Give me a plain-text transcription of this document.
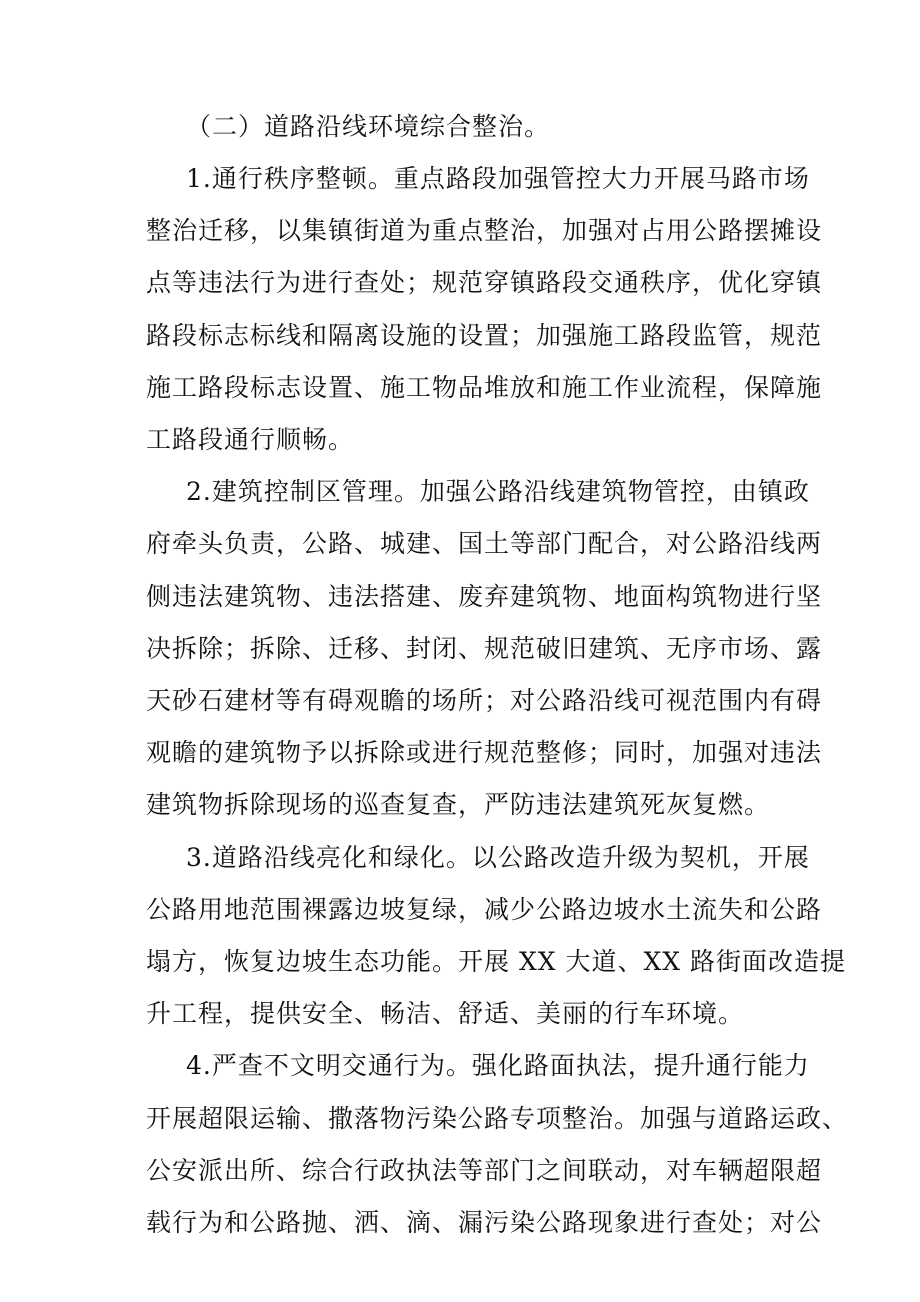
（二）道路沿线环境综合整治。

1.通行秩序整顿。重点路段加强管控大力开展马路市场
整治迁移，以集镇街道为重点整治，加强对占用公路摆摊设
点等违法行为进行查处；规范穿镇路段交通秩序，优化穿镇
路段标志标线和隔离设施的设置；加强施工路段监管，规范
施工路段标志设置、施工物品堆放和施工作业流程，保障施
工路段通行顺畅。

2.建筑控制区管理。加强公路沿线建筑物管控，由镇政
府牵头负责，公路、城建、国土等部门配合，对公路沿线两
侧违法建筑物、违法搭建、废弃建筑物、地面构筑物进行坚
决拆除；拆除、迁移、封闭、规范破旧建筑、无序市场、露
天砂石建材等有碍观瞻的场所；对公路沿线可视范围内有碍
观瞻的建筑物予以拆除或进行规范整修；同时，加强对违法
建筑物拆除现场的巡查复查，严防违法建筑死灰复燃。

3.道路沿线亮化和绿化。以公路改造升级为契机，开展
公路用地范围裸露边坡复绿，减少公路边坡水土流失和公路
塌方，恢复边坡生态功能。开展 XX 大道、XX 路街面改造提
升工程，提供安全、畅洁、舒适、美丽的行车环境。

4.严查不文明交通行为。强化路面执法，提升通行能力
开展超限运输、撒落物污染公路专项整治。加强与道路运政、
公安派出所、综合行政执法等部门之间联动，对车辆超限超
载行为和公路抛、洒、滴、漏污染公路现象进行查处；对公
